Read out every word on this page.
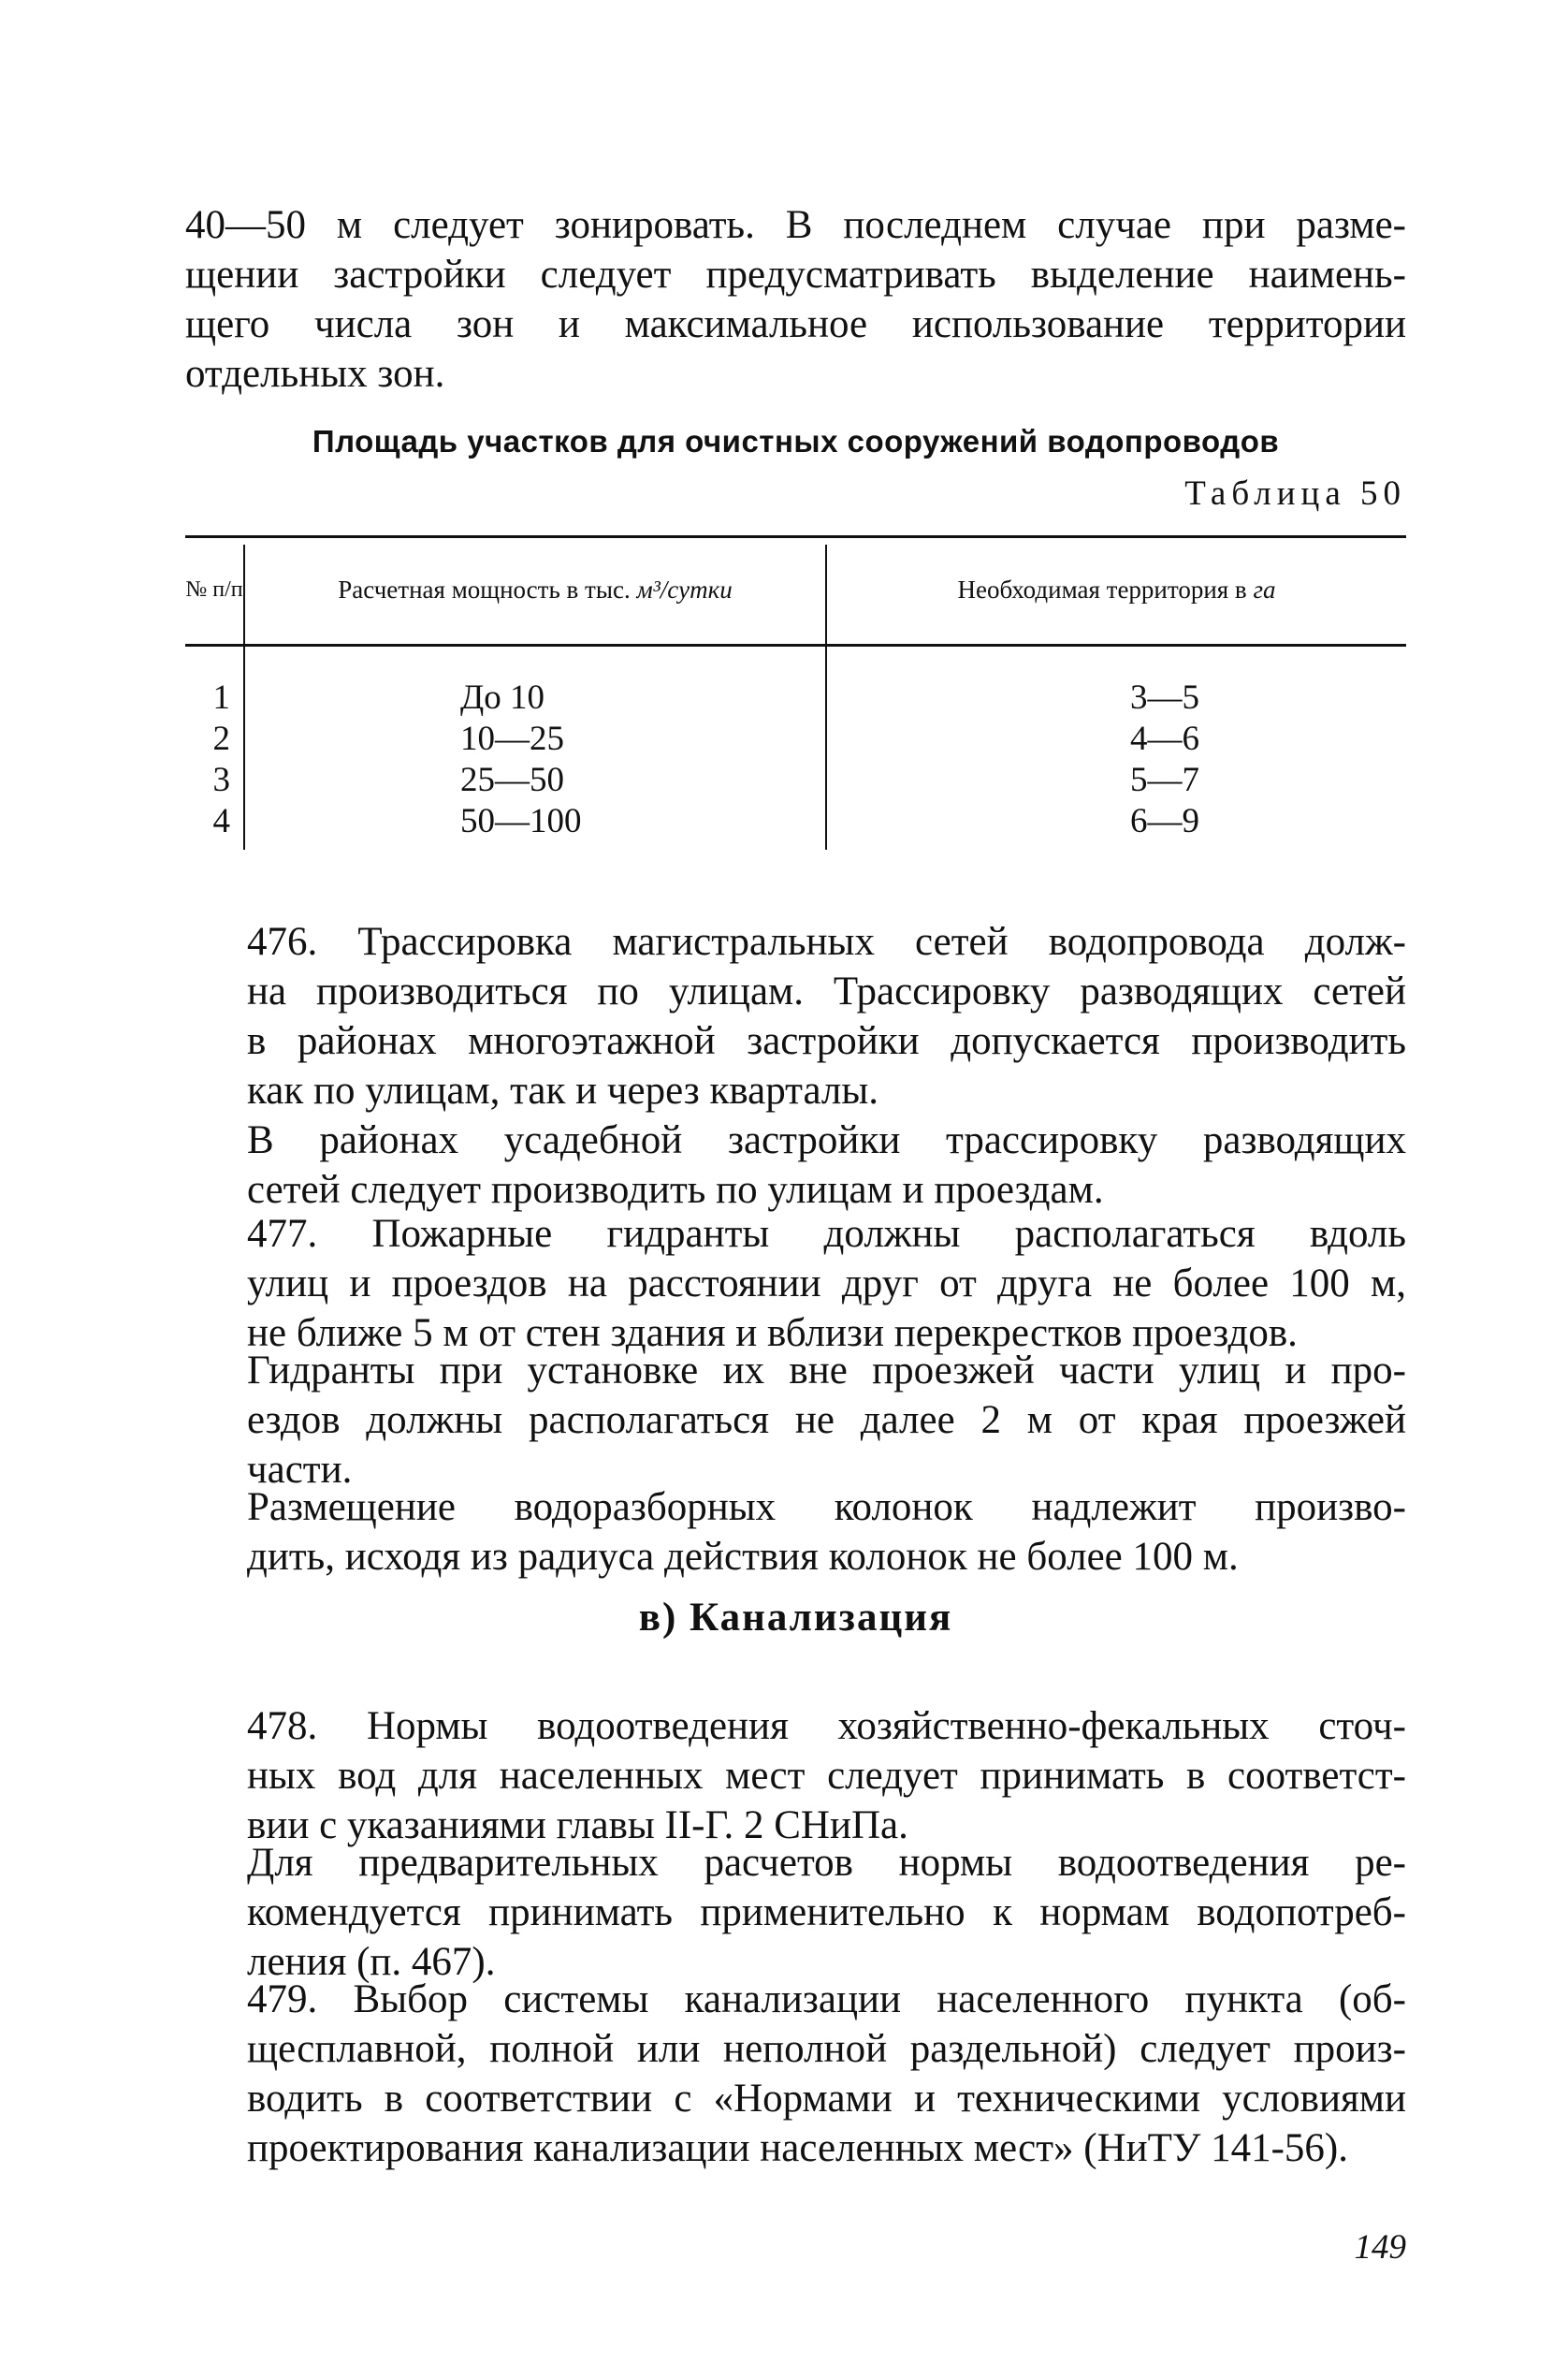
40—50 м следует зонировать. В последнем случае при разме-
щении застройки следует предусматривать выделение наимень-
щего числа зон и максимальное использование территории
отдельных зон.
Площадь участков для очистных сооружений водопроводов
Таблица 50
№ п/п	Расчетная мощность в тыс. м³/сутки	Необходимая территория в га
1	До 10	3—5
2	10—25	4—6
3	25—50	5—7
4	50—100	6—9
476. Трассировка магистральных сетей водопровода долж-
на производиться по улицам. Трассировку разводящих сетей
в районах многоэтажной застройки допускается производить
как по улицам, так и через кварталы.
В районах усадебной застройки трассировку разводящих
сетей следует производить по улицам и проездам.
477. Пожарные гидранты должны располагаться вдоль
улиц и проездов на расстоянии друг от друга не более 100 м,
не ближе 5 м от стен здания и вблизи перекрестков проездов.
Гидранты при установке их вне проезжей части улиц и про-
ездов должны располагаться не далее 2 м от края проезжей
части.
Размещение водоразборных колонок надлежит произво-
дить, исходя из радиуса действия колонок не более 100 м.
в) Канализация
478. Нормы водоотведения хозяйственно-фекальных сточ-
ных вод для населенных мест следует принимать в соответст-
вии с указаниями главы II-Г. 2 СНиПа.
Для предварительных расчетов нормы водоотведения ре-
комендуется принимать применительно к нормам водопотреб-
ления (п. 467).
479. Выбор системы канализации населенного пункта (об-
щесплавной, полной или неполной раздельной) следует произ-
водить в соответствии с «Нормами и техническими условиями
проектирования канализации населенных мест» (НиТУ 141-56).
149
